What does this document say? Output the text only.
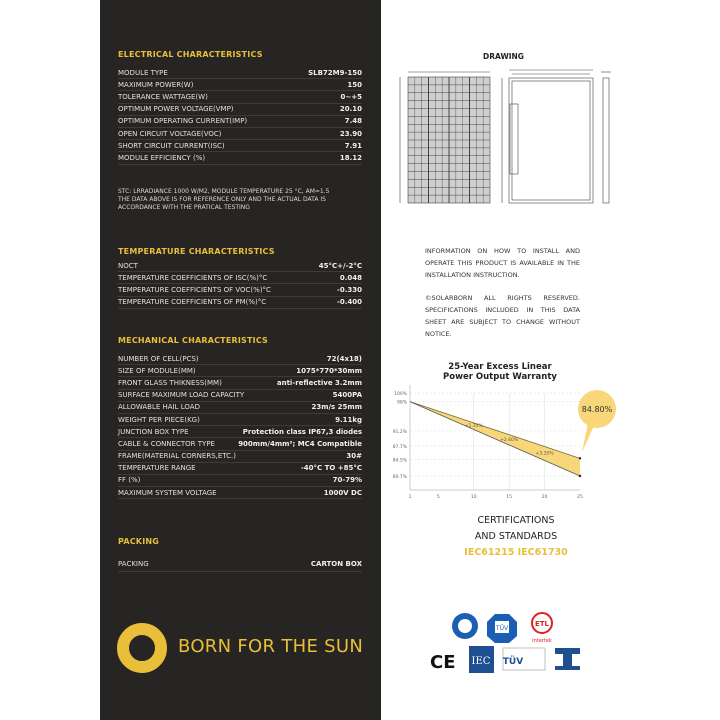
ELECTRICAL CHARACTERISTICS
MODULE TYPE	SLB72M9-150
MAXIMUM POWER(W)	150
TOLERANCE WATTAGE(W)	0~+5
OPTIMUM POWER VOLTAGE(VMP)	20.10
OPTIMUM OPERATING CURRENT(IMP)	7.48
OPEN CIRCUIT VOLTAGE(VOC)	23.90
SHORT CIRCUIT CURRENT(ISC)	7.91
MODULE EFFICIENCY (%)	18.12
STC: LRRADIANCE 1000 W/M2, MODULE TEMPERATURE 25 °C, AM=1.5
THE DATA ABOVE IS FOR REFERENCE ONLY AND THE ACTUAL DATA IS
ACCORDANCE WITH THE PRATICAL TESTING
TEMPERATURE CHARACTERISTICS
NOCT	45°C+/-2°C
TEMPERATURE COEFFICIENTS OF ISC(%)°C	0.048
TEMPERATURE COEFFICIENTS OF VOC(%)°C	-0.330
TEMPERATURE COEFFICIENTS OF PM(%)°C	-0.400
MECHANICAL CHARACTERISTICS
NUMBER OF CELL(PCS)	72(4x18)
SIZE OF MODULE(MM)	1075*770*30mm
FRONT GLASS THIKNESS(MM)	anti-reflective 3.2mm
SURFACE MAXIMUM LOAD CAPACITY	5400PA
ALLOWABLE HAIL LOAD	23m/s 25mm
WEIGHT PER PIECE(KG)	9.11kg
JUNCTION BOX TYPE	Protection class IP67,3 diodes
CABLE & CONNECTOR TYPE	900mm/4mm²; MC4 Compatible
FRAME(MATERIAL CORNERS,ETC.)	30#
TEMPERATURE RANGE	-40°C TO +85°C
FF (%)	70-79%
MAXIMUM SYSTEM VOLTAGE	1000V DC
PACKING
PACKING	CARTON BOX
BORN FOR THE SUN
DRAWING
INFORMATION ON HOW TO INSTALL AND OPERATE THIS PRODUCT IS AVAILABLE IN THE INSTALLATION INSTRUCTION.
©SOLARBORN ALL RIGHTS RESERVED. SPECIFICATIONS INCLUDED IN THIS DATA SHEET ARE SUBJECT TO CHANGE WITHOUT NOTICE.
25-Year Excess Linear Power Output Warranty
100%
98%
91.2%
87.7%
84.5%
80.7%
1	5	10	15	20	25
+1.35%
+2.60%
+3.35%
84.80%
CERTIFICATIONS
AND STANDARDS
IEC61215 IEC61730
TÜV
ETL
Intertek
CE IEC TÜV
